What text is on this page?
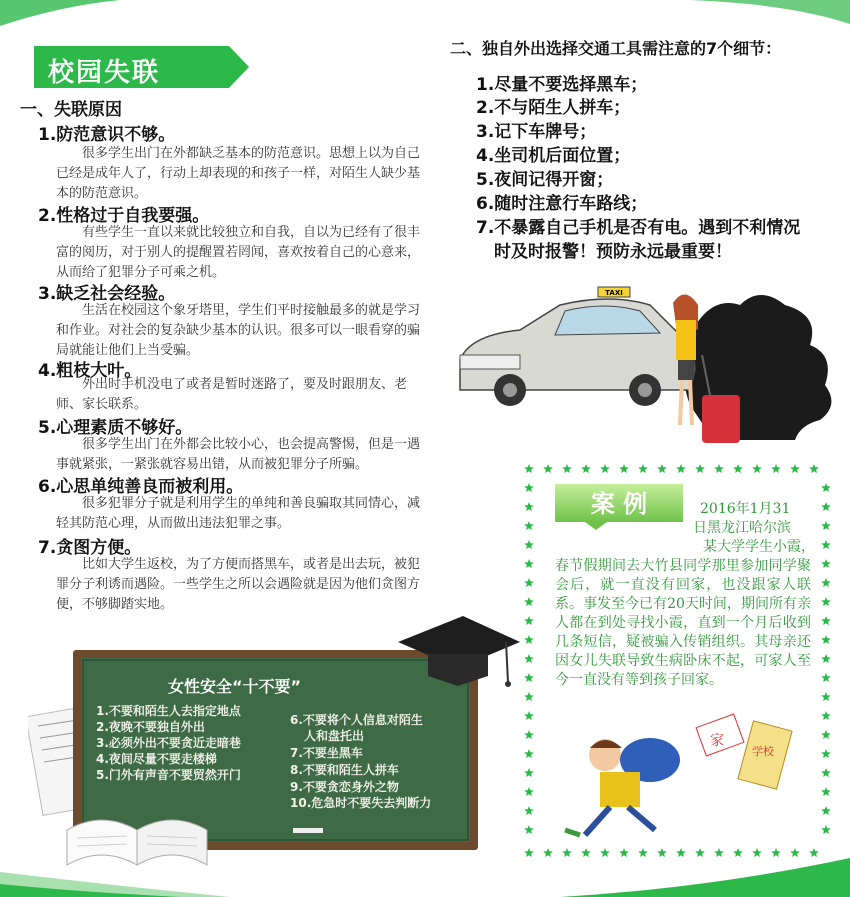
校园失联
一、失联原因
1.防范意识不够。
很多学生出门在外都缺乏基本的防范意识。思想上以为自己已经是成年人了，行动上却表现的和孩子一样，对陌生人缺少基本的防范意识。
2.性格过于自我要强。
有些学生一直以来就比较独立和自我，自以为已经有了很丰富的阅历，对于别人的提醒置若罔闻，喜欢按着自己的心意来，从而给了犯罪分子可乘之机。
3.缺乏社会经验。
生活在校园这个象牙塔里，学生们平时接触最多的就是学习和作业。对社会的复杂缺少基本的认识。很多可以一眼看穿的骗局就能让他们上当受骗。
4.粗枝大叶。
外出时手机没电了或者是暂时迷路了，要及时跟朋友、老师、家长联系。
5.心理素质不够好。
很多学生出门在外都会比较小心，也会提高警惕，但是一遇事就紧张，一紧张就容易出错，从而被犯罪分子所骗。
6.心思单纯善良而被利用。
很多犯罪分子就是利用学生的单纯和善良骗取其同情心，减轻其防范心理，从而做出违法犯罪之事。
7.贪图方便。
比如大学生返校，为了方便而搭黑车，或者是出去玩，被犯罪分子利诱而遇险。一些学生之所以会遇险就是因为他们贪图方便，不够脚踏实地。
女性安全“十不要”
1.不要和陌生人去指定地点
2.夜晚不要独自外出
3.必须外出不要贪近走暗巷
4.夜间尽量不要走楼梯
5.门外有声音不要贸然开门
6.不要将个人信息对陌生
人和盘托出
7.不要坐黑车
8.不要和陌生人拼车
9.不要贪恋身外之物
10.危急时不要失去判断力
二、独自外出选择交通工具需注意的7个细节：
1.尽量不要选择黑车；
2.不与陌生人拼车；
3.记下车牌号；
4.坐司机后面位置；
5.夜间记得开窗；
6.随时注意行车路线；
7.不暴露自己手机是否有电。遇到不利情况
时及时报警！预防永远最重要！
TAXI
案 例	2016年1月31
日黑龙江哈尔滨
某大学学生小霞，
春节假期间去大竹县同学那里参加同学聚会后，就一直没有回家，也没跟家人联系。事发至今已有20天时间，期间所有亲人都在到处寻找小霞，直到一个月后收到几条短信，疑被骗入传销组织。其母亲还因女儿失联导致生病卧床不起，可家人至今一直没有等到孩子回家。
家
学校
